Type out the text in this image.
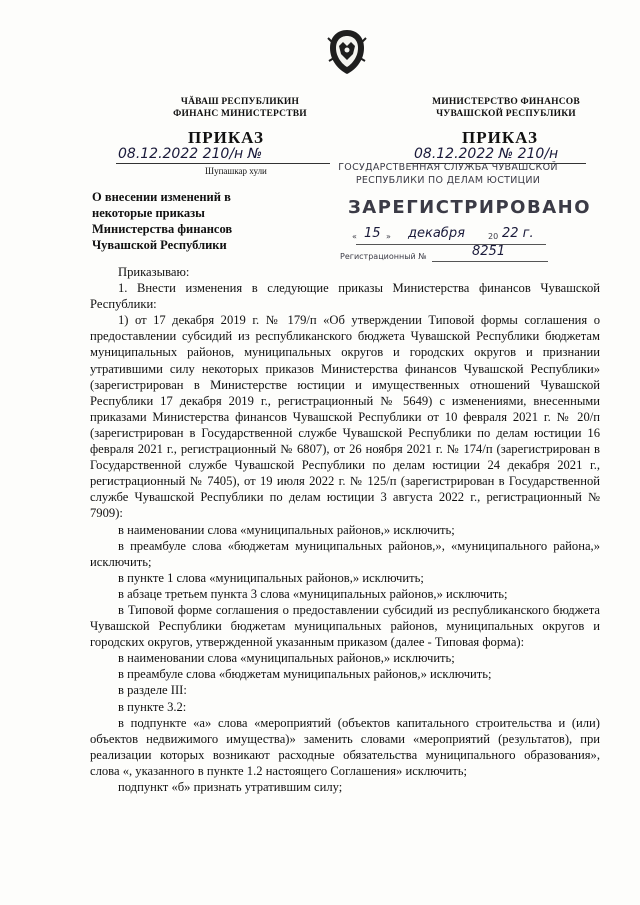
ЧĂВАШ РЕСПУБЛИКИН
ФИНАНС МИНИСТЕРСТВИ
МИНИСТЕРСТВО ФИНАНСОВ
ЧУВАШСКОЙ РЕСПУБЛИКИ
ПРИКАЗ	ПРИКАЗ
08.12.2022 210/н №
Шупашкар хули
08.12.2022 № 210/н
О внесении изменений в
некоторые приказы
Министерства финансов
Чувашской Республики
ГОСУДАРСТВЕННАЯ СЛУЖБА ЧУВАШСКОЙ
РЕСПУБЛИКИ ПО ДЕЛАМ ЮСТИЦИИ
ЗАРЕГИСТРИРОВАНО
« 15 » декабря	20 22 г.
Регистрационный №	8251

Приказываю:

1. Внести изменения в следующие приказы Министерства финансов Чувашской Республики:

1) от 17 декабря 2019 г. № 179/п «Об утверждении Типовой формы соглашения о предоставлении субсидий из республиканского бюджета Чувашской Республики бюджетам муниципальных районов, муниципальных округов и городских округов и признании утратившими силу некоторых приказов Министерства финансов Чувашской Республики» (зарегистрирован в Министерстве юстиции и имущественных отношений Чувашской Республики 17 декабря 2019 г., регистрационный № 5649) с изменениями, внесенными приказами Министерства финансов Чувашской Республики от 10 февраля 2021 г. № 20/п (зарегистрирован в Государственной службе Чувашской Республики по делам юстиции 16 февраля 2021 г., регистрационный № 6807), от 26 ноября 2021 г. № 174/п (зарегистрирован в Государственной службе Чувашской Республики по делам юстиции 24 декабря 2021 г., регистрационный № 7405), от 19 июля 2022 г. № 125/п (зарегистрирован в Государственной службе Чувашской Республики по делам юстиции 3 августа 2022 г., регистрационный № 7909):

в наименовании слова «муниципальных районов,» исключить;

в преамбуле слова «бюджетам муниципальных районов,», «муниципального района,» исключить;

в пункте 1 слова «муниципальных районов,» исключить;

в абзаце третьем пункта 3 слова «муниципальных районов,» исключить;

в Типовой форме соглашения о предоставлении субсидий из республиканского бюджета Чувашской Республики бюджетам муниципальных районов, муниципальных округов и городских округов, утвержденной указанным приказом (далее - Типовая форма):

в наименовании слова «муниципальных районов,» исключить;

в преамбуле слова «бюджетам муниципальных районов,» исключить;

в разделе III:

в пункте 3.2:

в подпункте «а» слова «мероприятий (объектов капитального строительства и (или) объектов недвижимого имущества)» заменить словами «мероприятий (результатов), при реализации которых возникают расходные обязательства муниципального образования», слова «, указанного в пункте 1.2 настоящего Соглашения» исключить;

подпункт «б» признать утратившим силу;
